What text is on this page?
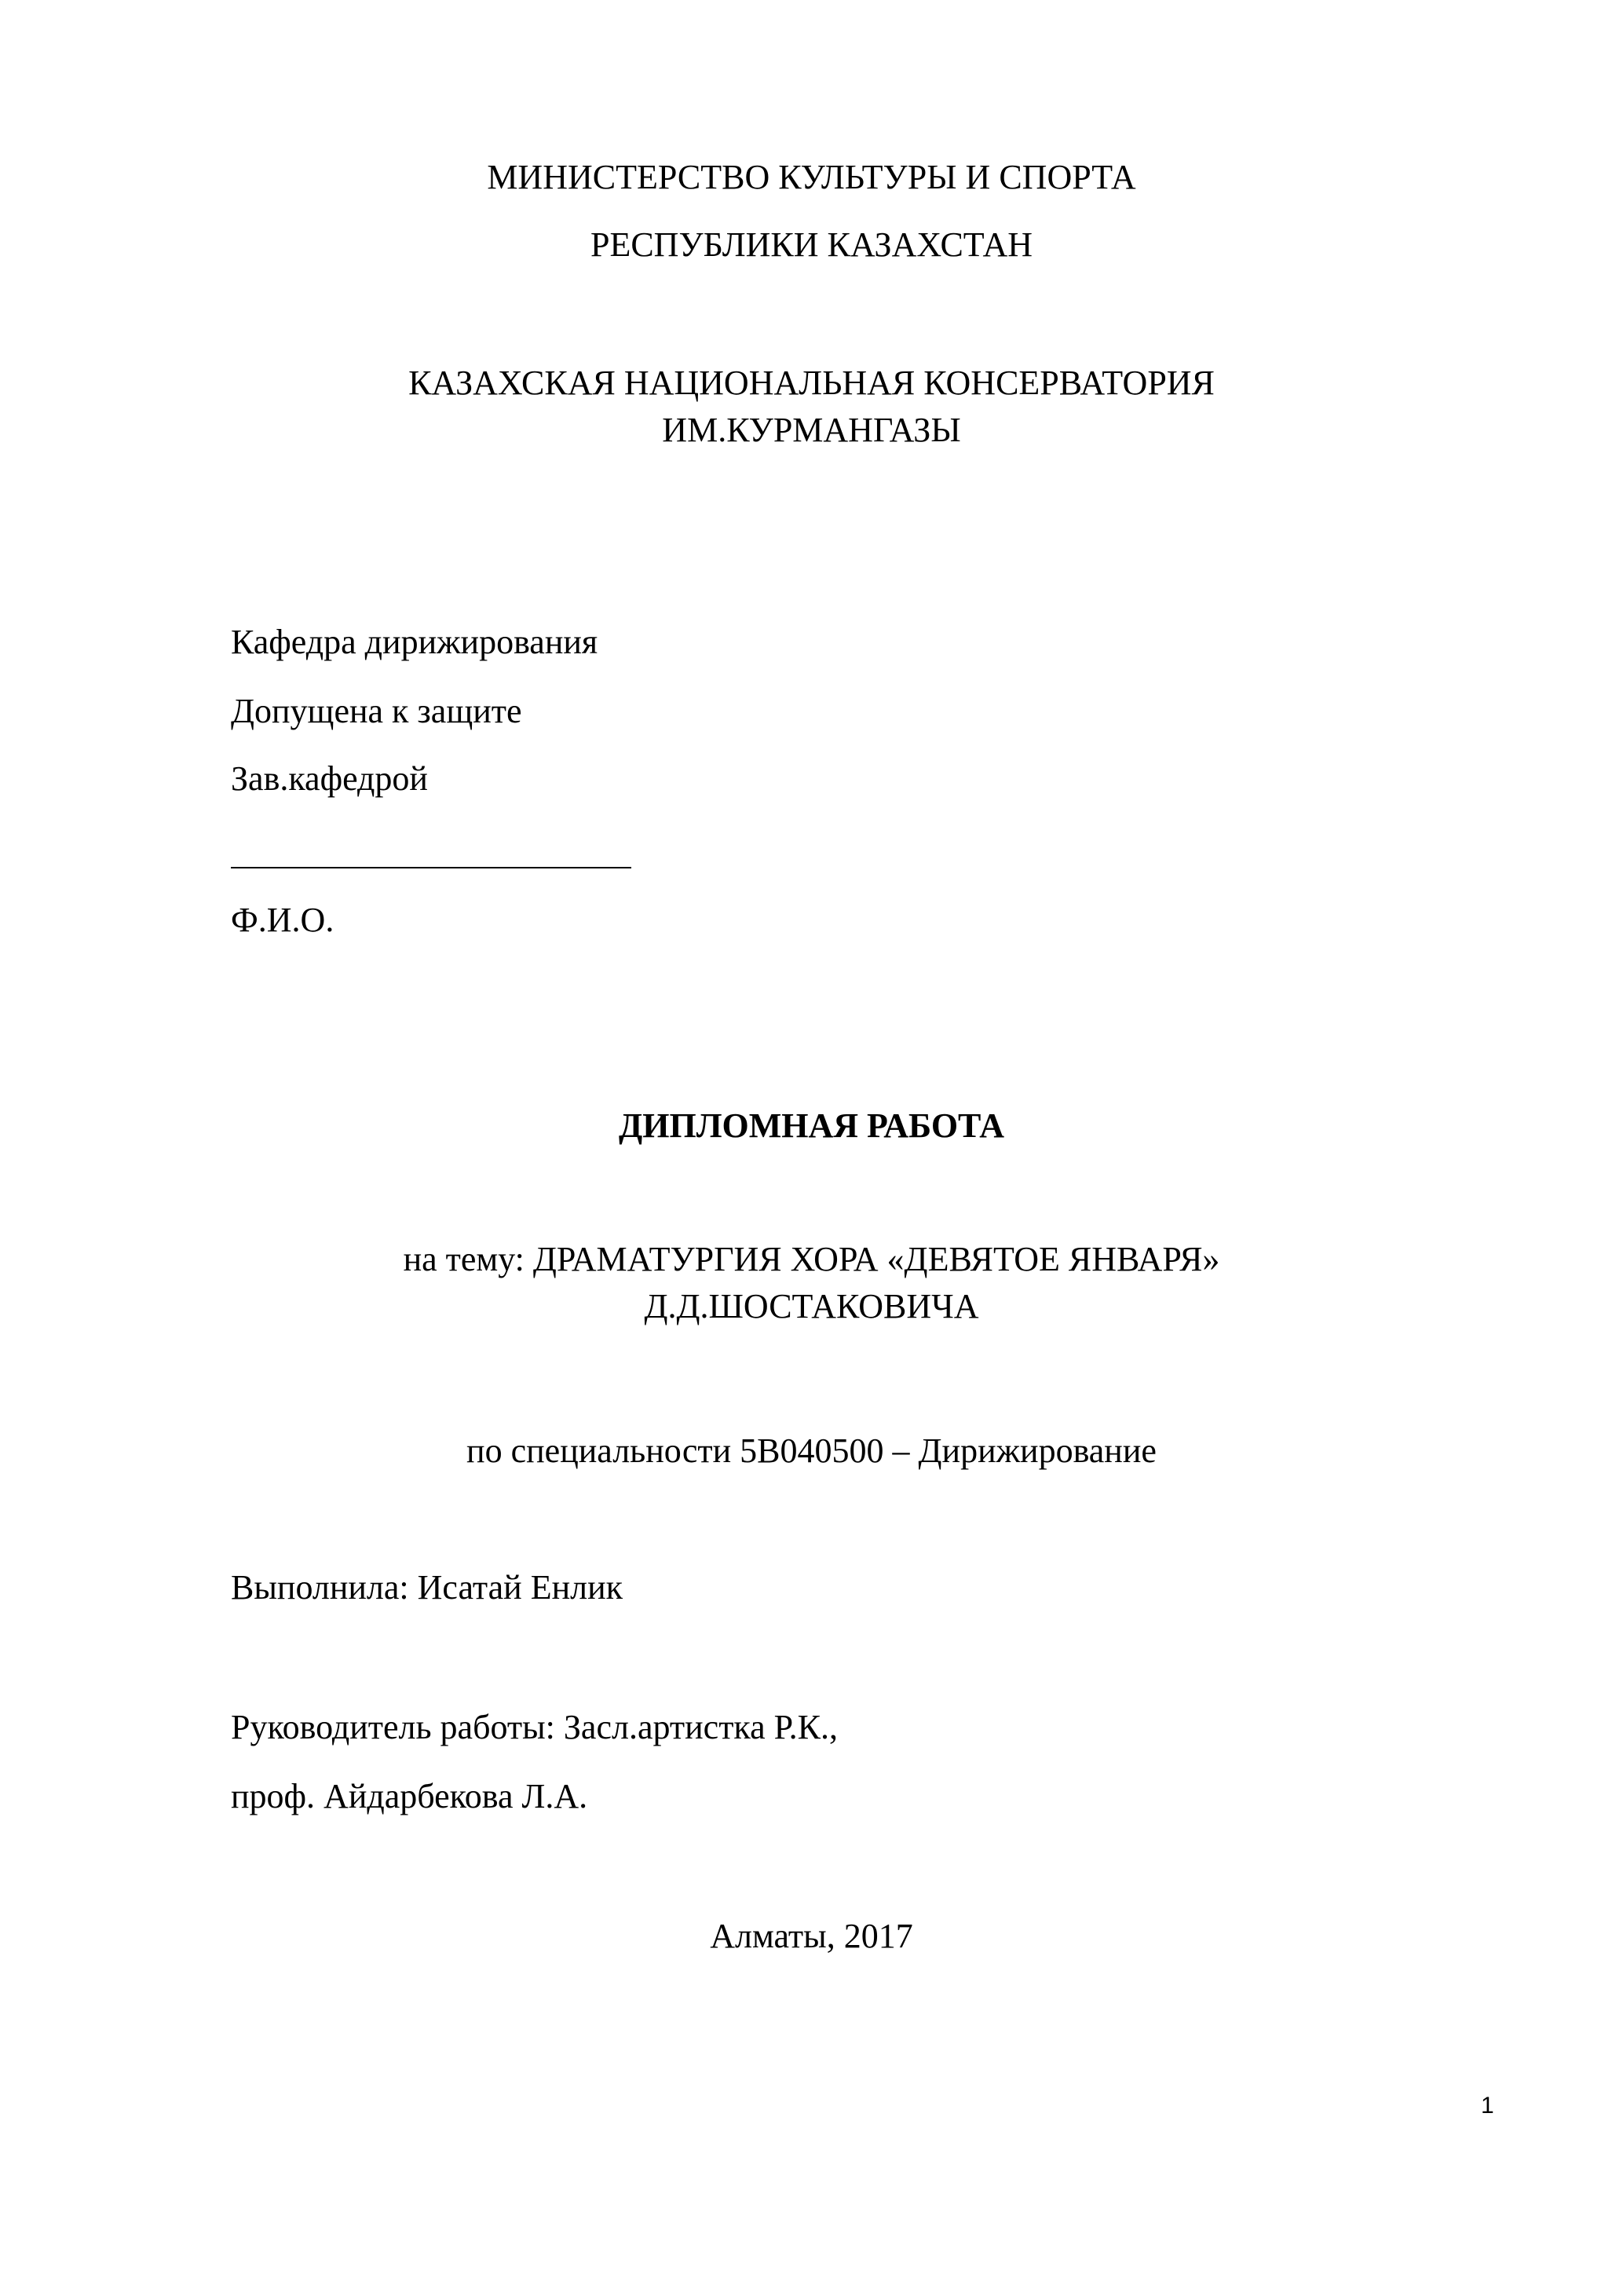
МИНИСТЕРСТВО КУЛЬТУРЫ И СПОРТА
РЕСПУБЛИКИ КАЗАХСТАН
КАЗАХСКАЯ НАЦИОНАЛЬНАЯ КОНСЕРВАТОРИЯ
ИМ.КУРМАНГАЗЫ
Кафедра дирижирования
Допущена к защите
Зав.кафедрой
Ф.И.О.
ДИПЛОМНАЯ РАБОТА
на тему: ДРАМАТУРГИЯ ХОРА «ДЕВЯТОЕ ЯНВАРЯ»
Д.Д.ШОСТАКОВИЧА
по специальности 5В040500 – Дирижирование
Выполнила: Исатай Енлик
Руководитель работы: Засл.артистка Р.К.,
проф. Айдарбекова Л.А.
Алматы, 2017
1
